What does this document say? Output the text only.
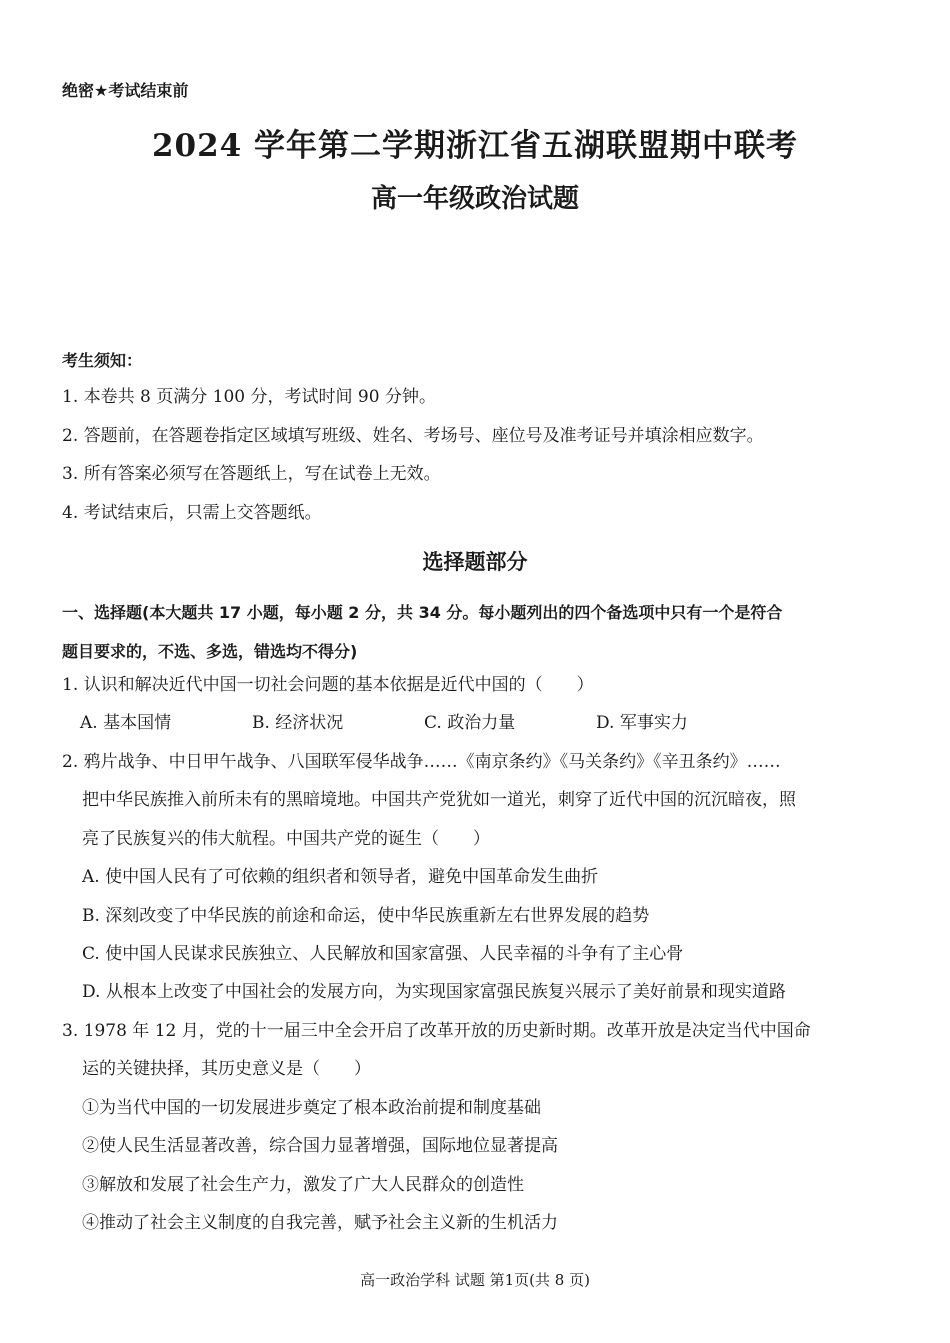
绝密★考试结束前
2024 学年第二学期浙江省五湖联盟期中联考
高一年级政治试题
考生须知：
1. 本卷共 8 页满分 100 分，考试时间 90 分钟。
2. 答题前，在答题卷指定区域填写班级、姓名、考场号、座位号及准考证号并填涂相应数字。
3. 所有答案必须写在答题纸上，写在试卷上无效。
4. 考试结束后，只需上交答题纸。
选择题部分
一、选择题(本大题共 17 小题，每小题 2 分，共 34 分。每小题列出的四个备选项中只有一个是符合
题目要求的，不选、多选，错选均不得分)
1. 认识和解决近代中国一切社会问题的基本依据是近代中国的（　　）
A. 基本国情	B. 经济状况	C. 政治力量	D. 军事实力
2. 鸦片战争、中日甲午战争、八国联军侵华战争……《南京条约》《马关条约》《辛丑条约》……
把中华民族推入前所未有的黑暗境地。中国共产党犹如一道光，刺穿了近代中国的沉沉暗夜，照
亮了民族复兴的伟大航程。中国共产党的诞生（　　）
A. 使中国人民有了可依赖的组织者和领导者，避免中国革命发生曲折
B. 深刻改变了中华民族的前途和命运，使中华民族重新左右世界发展的趋势
C. 使中国人民谋求民族独立、人民解放和国家富强、人民幸福的斗争有了主心骨
D. 从根本上改变了中国社会的发展方向，为实现国家富强民族复兴展示了美好前景和现实道路
3. 1978 年 12 月，党的十一届三中全会开启了改革开放的历史新时期。改革开放是决定当代中国命
运的关键抉择，其历史意义是（　　）
①为当代中国的一切发展进步奠定了根本政治前提和制度基础
②使人民生活显著改善，综合国力显著增强，国际地位显著提高
③解放和发展了社会生产力，激发了广大人民群众的创造性
④推动了社会主义制度的自我完善，赋予社会主义新的生机活力
高一政治学科 试题 第1页(共 8 页)
